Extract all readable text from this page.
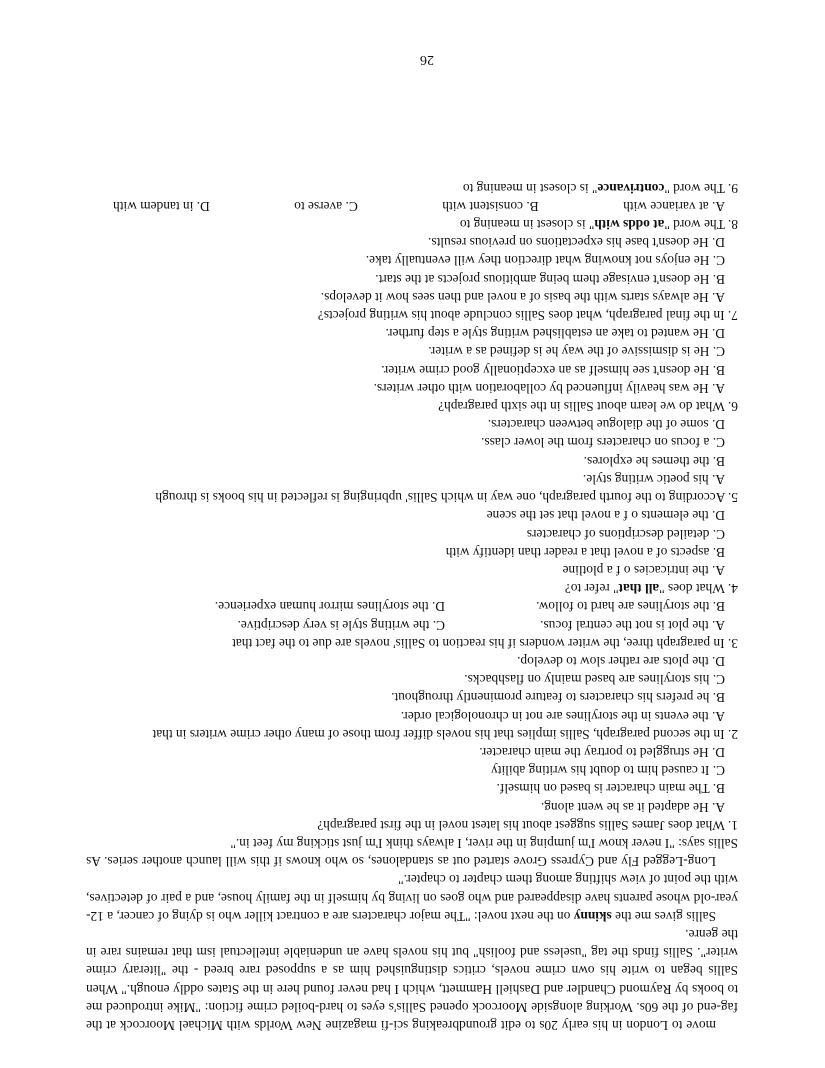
move to London in his early 20s to edit groundbreaking sci-fi magazine New Worlds with Michael Moorcock at the fag-end of the 60s. Working alongside Moorcock opened Sallis's eyes to hard-boiled crime fiction: "Mike introduced me to books by Raymond Chandler and Dashiell Hammett, which I had never found here in the States oddly enough." When Sallis began to write his own crime novels, critics distinguished him as a supposed rare breed - the "literary crime writer". Sallis finds the tag "useless and foolish" but his novels have an undeniable intellectual ism that remains rare in the genre.

Sallis gives me the skinny on the next novel: "The major characters are a contract killer who is dying of cancer, a 12-year-old whose parents have disappeared and who goes on living by himself in the family house, and a pair of detectives, with the point of view shifting among them chapter to chapter."

Long-Legged Fly and Cypress Grove started out as standalones, so who knows if this will launch another series. As Sallis says: "I never know I'm jumping in the river, I always think I'm just sticking my feet in."

1. What does James Sallis suggest about his latest novel in the first paragraph?

A. He adapted it as he went along.

B. The main character is based on himself.

C. It caused him to doubt his writing ability

D. He struggled to portray the main character.

2. In the second paragraph, Sallis implies that his novels differ from those of many other crime writers in that

A. the events in the storylines are not in chronological order.

B. he prefers his characters to feature prominently throughout.

C. his storylines are based mainly on flashbacks.

D. the plots are rather slow to develop.

3. In paragraph three, the writer wonders if his reaction to Sallis' novels are due to the fact that

A. the plot is not the central focus.
C. the writing style is very descriptive.
B. the storylines are hard to follow.
D. the storylines mirror human experience.

4. What does "all that" refer to?

A. the intricacies o f a plotline

B. aspects of a novel that a reader than identify with

C. detailed descriptions of characters

D. the elements o f a novel that set the scene

5. According to the fourth paragraph, one way in which Sallis' upbringing is reflected in his books is through

A. his poetic writing style.

B. the themes he explores.

C. a focus on characters from the lower class.

D. some of the dialogue between characters.

6. What do we learn about Sallis in the sixth paragraph?

A. He was heavily influenced by collaboration with other writers.

B. He doesn't see himself as an exceptionally good crime writer.

C. He is dismissive of the way he is defined as a writer.

D. He wanted to take an established writing style a step further.

7. In the final paragraph, what does Sallis conclude about his writing projects?

A. He always starts with the basis of a novel and then sees how it develops.

B. He doesn't envisage them being ambitious projects at the start.

C. He enjoys not knowing what direction they will eventually take.

D. He doesn't base his expectations on previous results.

8. The word "at odds with" is closest in meaning to

A. at variance with
B. consistent with
C. averse to
D. in tandem with

9. The word "contrivance" is closest in meaning to

26
